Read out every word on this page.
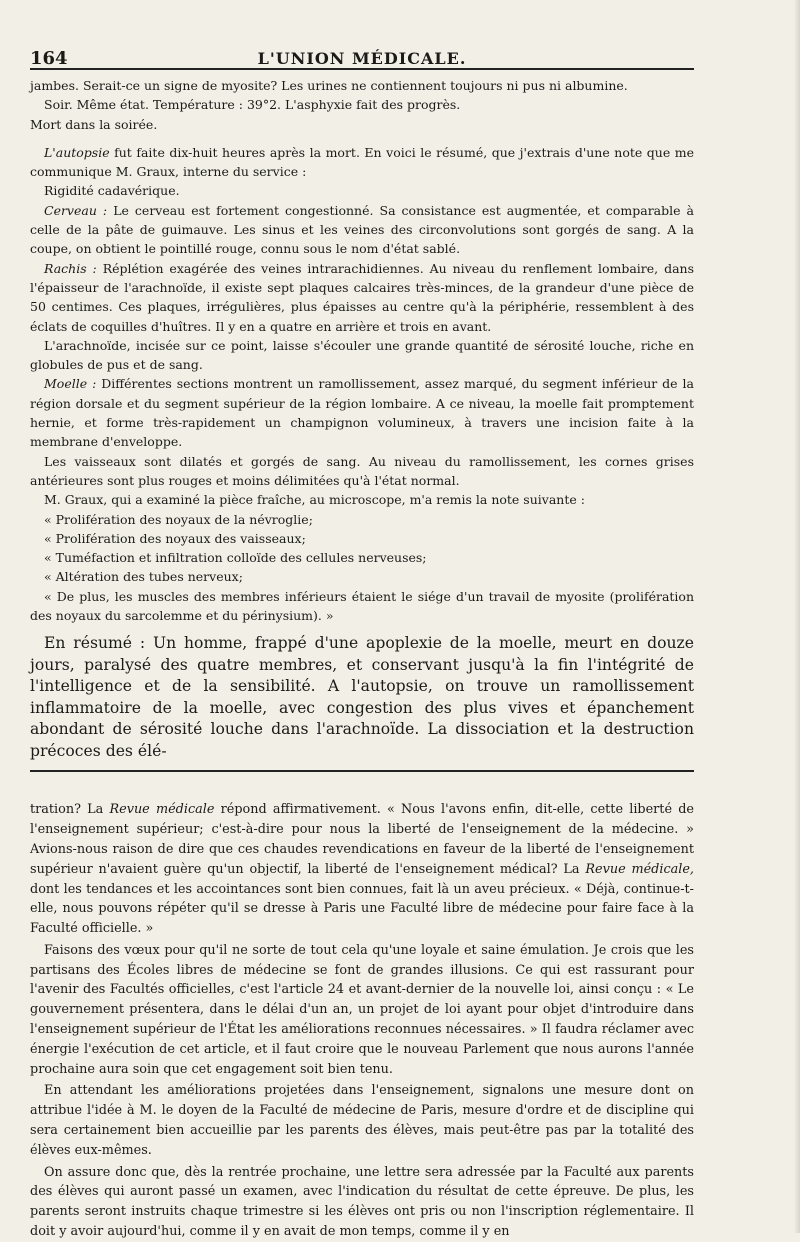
164	L'UNION MÉDICALE.

jambes. Serait-ce un signe de myosite? Les urines ne contiennent toujours ni pus ni albumine.

Soir. Même état. Température : 39°2. L'asphyxie fait des progrès.

Mort dans la soirée.

L'autopsie fut faite dix-huit heures après la mort. En voici le résumé, que j'extrais d'une note que me communique M. Graux, interne du service :

Rigidité cadavérique.

Cerveau : Le cerveau est fortement congestionné. Sa consistance est augmentée, et comparable à celle de la pâte de guimauve. Les sinus et les veines des circonvolutions sont gorgés de sang. A la coupe, on obtient le pointillé rouge, connu sous le nom d'état sablé.

Rachis : Réplétion exagérée des veines intrarachidiennes. Au niveau du renflement lombaire, dans l'épaisseur de l'arachnoïde, il existe sept plaques calcaires très-minces, de la grandeur d'une pièce de 50 centimes. Ces plaques, irrégulières, plus épaisses au centre qu'à la périphérie, ressemblent à des éclats de coquilles d'huîtres. Il y en a quatre en arrière et trois en avant.

L'arachnoïde, incisée sur ce point, laisse s'écouler une grande quantité de sérosité louche, riche en globules de pus et de sang.

Moelle : Différentes sections montrent un ramollissement, assez marqué, du segment inférieur de la région dorsale et du segment supérieur de la région lombaire. A ce niveau, la moelle fait promptement hernie, et forme très-rapidement un champignon volumineux, à travers une incision faite à la membrane d'enveloppe.

Les vaisseaux sont dilatés et gorgés de sang. Au niveau du ramollissement, les cornes grises antérieures sont plus rouges et moins délimitées qu'à l'état normal.

M. Graux, qui a examiné la pièce fraîche, au microscope, m'a remis la note suivante :

« Prolifération des noyaux de la névroglie;

« Prolifération des noyaux des vaisseaux;

« Tuméfaction et infiltration colloïde des cellules nerveuses;

« Altération des tubes nerveux;

« De plus, les muscles des membres inférieurs étaient le siége d'un travail de myosite (prolifération des noyaux du sarcolemme et du périnysium). »

En résumé : Un homme, frappé d'une apoplexie de la moelle, meurt en douze jours, paralysé des quatre membres, et conservant jusqu'à la fin l'intégrité de l'intelligence et de la sensibilité. A l'autopsie, on trouve un ramollissement inflammatoire de la moelle, avec congestion des plus vives et épanchement abondant de sérosité louche dans l'arachnoïde. La dissociation et la destruction précoces des élé-

tration? La Revue médicale répond affirmativement. « Nous l'avons enfin, dit-elle, cette liberté de l'enseignement supérieur; c'est-à-dire pour nous la liberté de l'enseignement de la médecine. » Avions-nous raison de dire que ces chaudes revendications en faveur de la liberté de l'enseignement supérieur n'avaient guère qu'un objectif, la liberté de l'enseignement médical? La Revue médicale, dont les tendances et les accointances sont bien connues, fait là un aveu précieux. « Déjà, continue-t-elle, nous pouvons répéter qu'il se dresse à Paris une Faculté libre de médecine pour faire face à la Faculté officielle. »

Faisons des vœux pour qu'il ne sorte de tout cela qu'une loyale et saine émulation. Je crois que les partisans des Écoles libres de médecine se font de grandes illusions. Ce qui est rassurant pour l'avenir des Facultés officielles, c'est l'article 24 et avant-dernier de la nouvelle loi, ainsi conçu : « Le gouvernement présentera, dans le délai d'un an, un projet de loi ayant pour objet d'introduire dans l'enseignement supérieur de l'État les améliorations reconnues nécessaires. » Il faudra réclamer avec énergie l'exécution de cet article, et il faut croire que le nouveau Parlement que nous aurons l'année prochaine aura soin que cet engagement soit bien tenu.

En attendant les améliorations projetées dans l'enseignement, signalons une mesure dont on attribue l'idée à M. le doyen de la Faculté de médecine de Paris, mesure d'ordre et de discipline qui sera certainement bien accueillie par les parents des élèves, mais peut-être pas par la totalité des élèves eux-mêmes.

On assure donc que, dès la rentrée prochaine, une lettre sera adressée par la Faculté aux parents des élèves qui auront passé un examen, avec l'indication du résultat de cette épreuve. De plus, les parents seront instruits chaque trimestre si les élèves ont pris ou non l'inscription réglementaire. Il doit y avoir aujourd'hui, comme il y en avait de mon temps, comme il y en
